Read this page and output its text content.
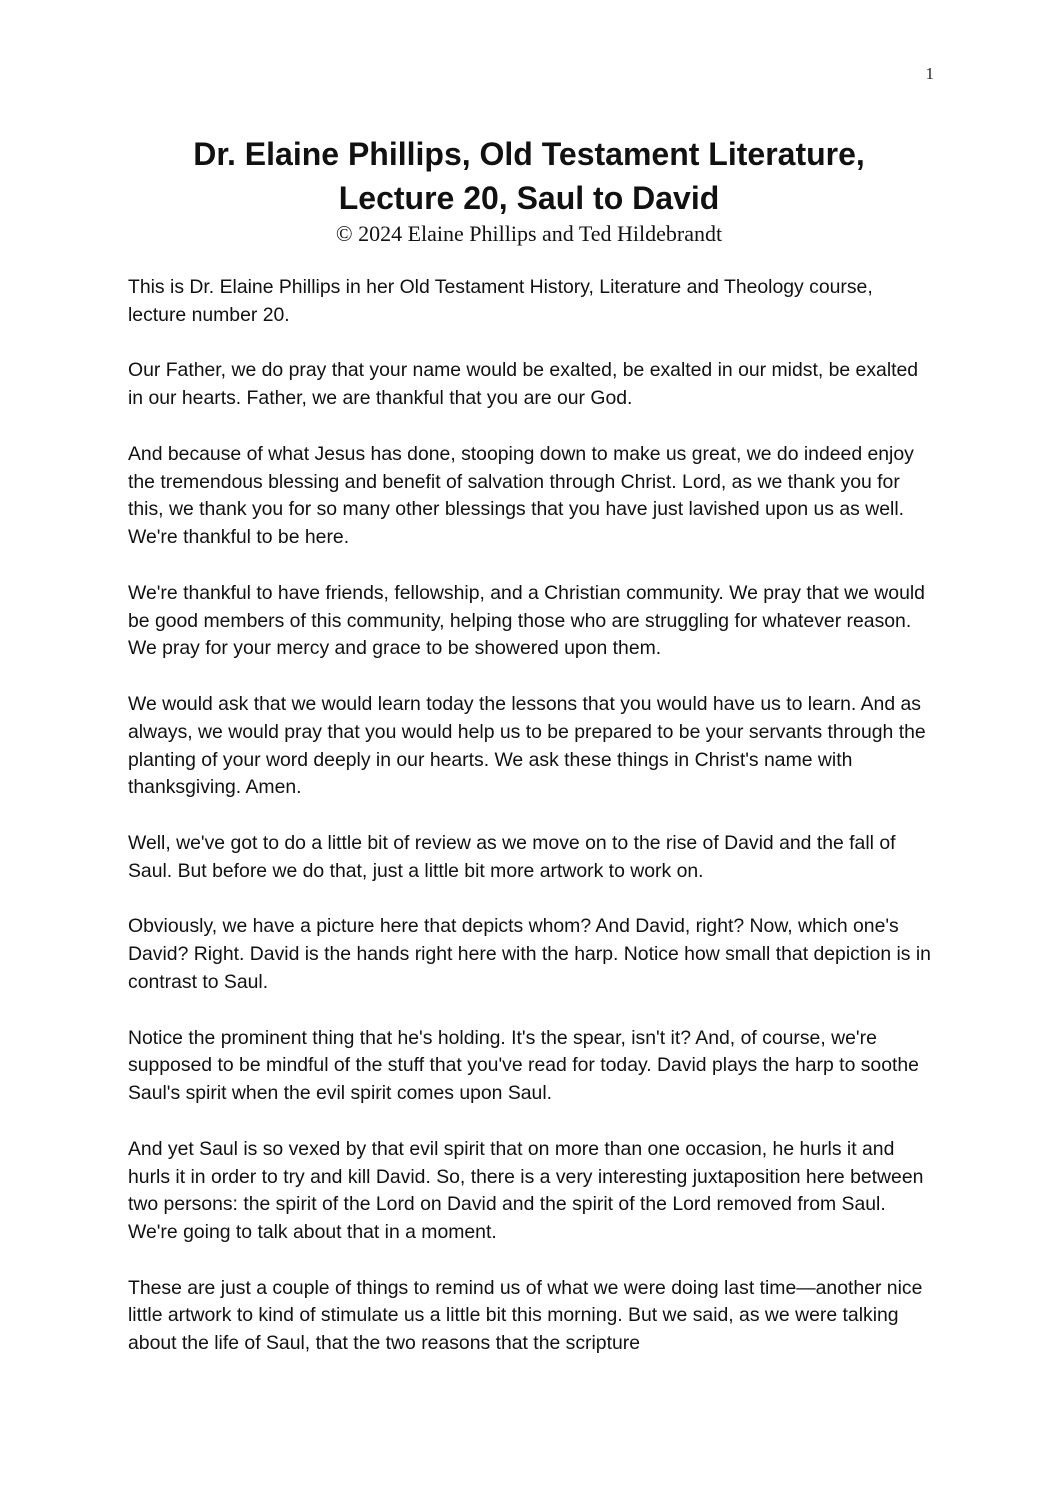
1
Dr. Elaine Phillips, Old Testament Literature,
Lecture 20, Saul to David
© 2024 Elaine Phillips and Ted Hildebrandt

This is Dr. Elaine Phillips in her Old Testament History, Literature and Theology course, lecture number 20.

Our Father, we do pray that your name would be exalted, be exalted in our midst, be exalted in our hearts. Father, we are thankful that you are our God.

And because of what Jesus has done, stooping down to make us great, we do indeed enjoy the tremendous blessing and benefit of salvation through Christ. Lord, as we thank you for this, we thank you for so many other blessings that you have just lavished upon us as well. We're thankful to be here.

We're thankful to have friends, fellowship, and a Christian community. We pray that we would be good members of this community, helping those who are struggling for whatever reason. We pray for your mercy and grace to be showered upon them.

We would ask that we would learn today the lessons that you would have us to learn. And as always, we would pray that you would help us to be prepared to be your servants through the planting of your word deeply in our hearts. We ask these things in Christ's name with thanksgiving. Amen.

Well, we've got to do a little bit of review as we move on to the rise of David and the fall of Saul. But before we do that, just a little bit more artwork to work on.

Obviously, we have a picture here that depicts whom? And David, right? Now, which one's David? Right. David is the hands right here with the harp. Notice how small that depiction is in contrast to Saul.

Notice the prominent thing that he's holding. It's the spear, isn't it? And, of course, we're supposed to be mindful of the stuff that you've read for today. David plays the harp to soothe Saul's spirit when the evil spirit comes upon Saul.

And yet Saul is so vexed by that evil spirit that on more than one occasion, he hurls it and hurls it in order to try and kill David. So, there is a very interesting juxtaposition here between two persons: the spirit of the Lord on David and the spirit of the Lord removed from Saul. We're going to talk about that in a moment.

These are just a couple of things to remind us of what we were doing last time—another nice little artwork to kind of stimulate us a little bit this morning. But we said, as we were talking about the life of Saul, that the two reasons that the scripture
